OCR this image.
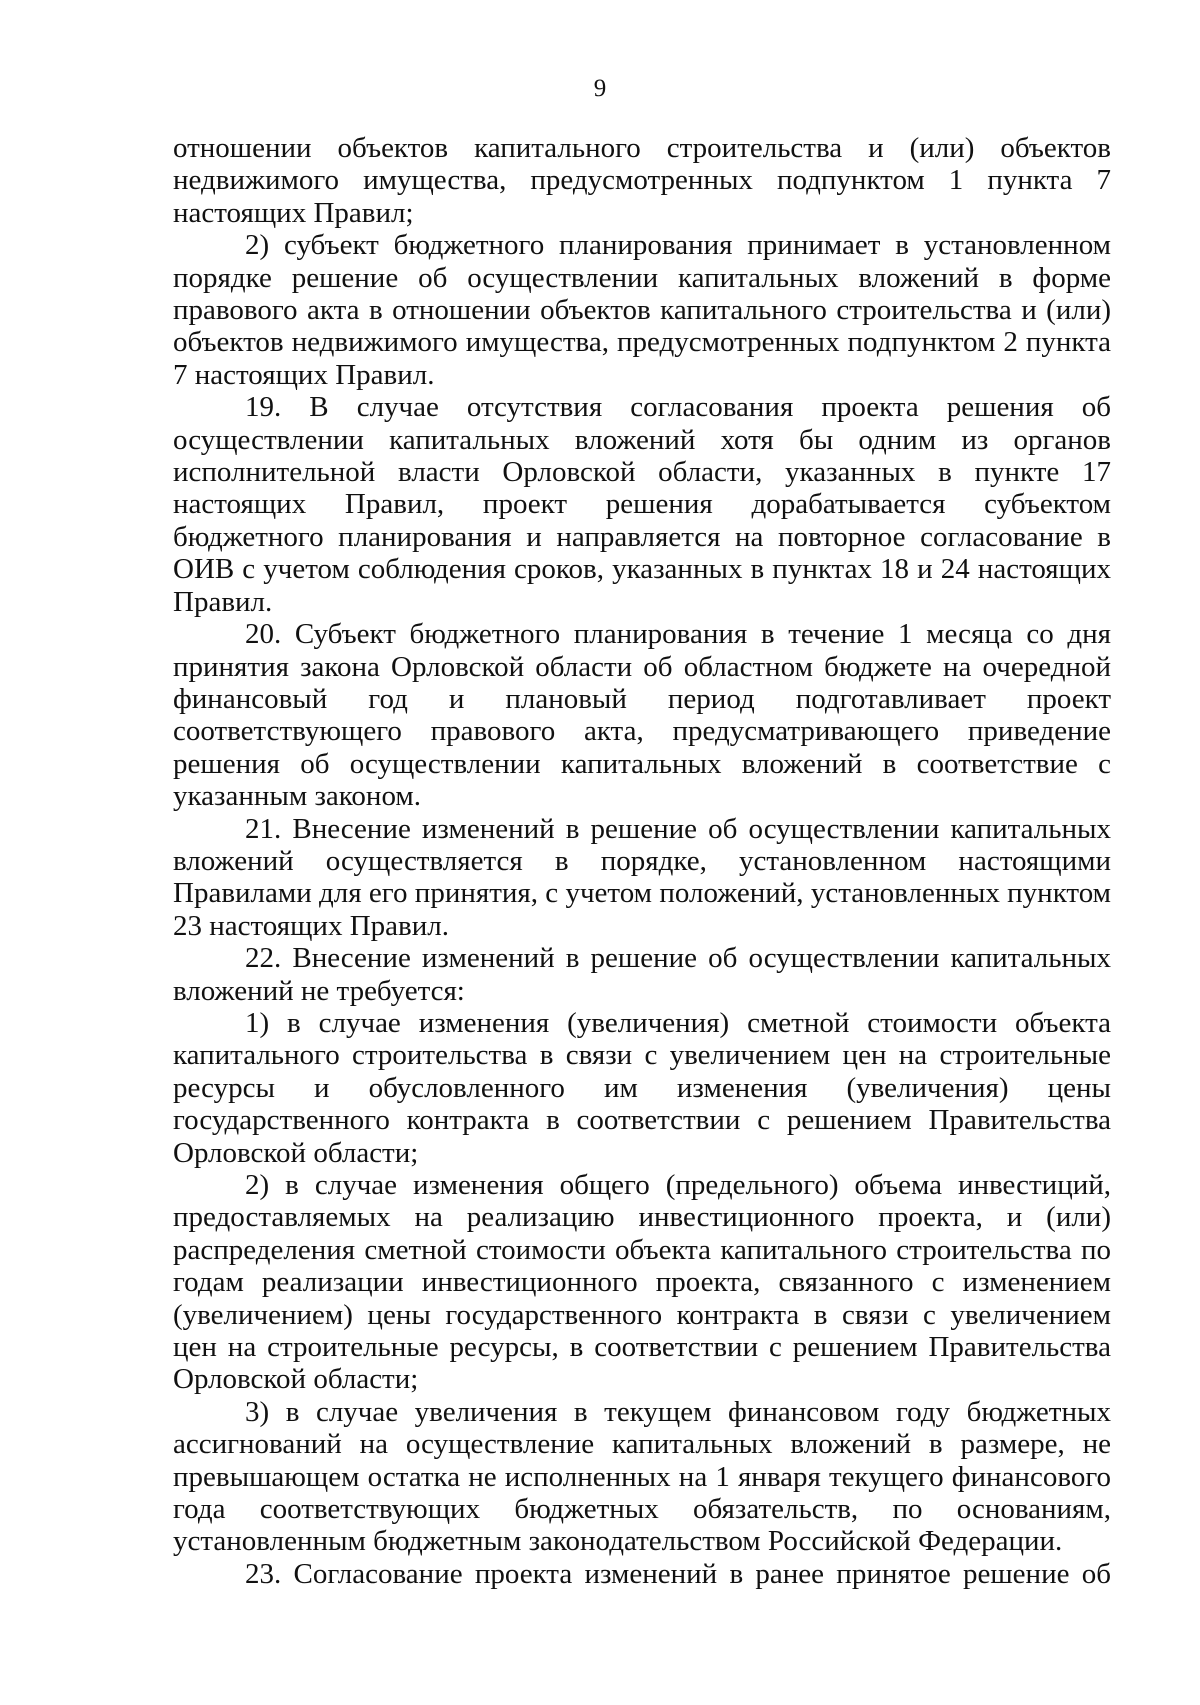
9

отношении объектов капитального строительства и (или) объектов недвижимого имущества, предусмотренных подпунктом 1 пункта 7 настоящих Правил;

2) субъект бюджетного планирования принимает в установленном порядке решение об осуществлении капитальных вложений в форме правового акта в отношении объектов капитального строительства и (или) объектов недвижимого имущества, предусмотренных подпунктом 2 пункта 7 настоящих Правил.

19. В случае отсутствия согласования проекта решения об осуществлении капитальных вложений хотя бы одним из органов исполнительной власти Орловской области, указанных в пункте 17 настоящих Правил, проект решения дорабатывается субъектом бюджетного планирования и направляется на повторное согласование в ОИВ с учетом соблюдения сроков, указанных в пунктах 18 и 24 настоящих Правил.

20. Субъект бюджетного планирования в течение 1 месяца со дня принятия закона Орловской области об областном бюджете на очередной финансовый год и плановый период подготавливает проект соответствующего правового акта, предусматривающего приведение решения об осуществлении капитальных вложений в соответствие с указанным законом.

21. Внесение изменений в решение об осуществлении капитальных вложений осуществляется в порядке, установленном настоящими Правилами для его принятия, с учетом положений, установленных пунктом 23 настоящих Правил.

22. Внесение изменений в решение об осуществлении капитальных вложений не требуется:

1) в случае изменения (увеличения) сметной стоимости объекта капитального строительства в связи с увеличением цен на строительные ресурсы и обусловленного им изменения (увеличения) цены государственного контракта в соответствии с решением Правительства Орловской области;

2) в случае изменения общего (предельного) объема инвестиций, предоставляемых на реализацию инвестиционного проекта, и (или) распределения сметной стоимости объекта капитального строительства по годам реализации инвестиционного проекта, связанного с изменением (увеличением) цены государственного контракта в связи с увеличением цен на строительные ресурсы, в соответствии с решением Правительства Орловской области;

3) в случае увеличения в текущем финансовом году бюджетных ассигнований на осуществление капитальных вложений в размере, не превышающем остатка не исполненных на 1 января текущего финансового года соответствующих бюджетных обязательств, по основаниям, установленным бюджетным законодательством Российской Федерации.

23. Согласование проекта изменений в ранее принятое решение об
